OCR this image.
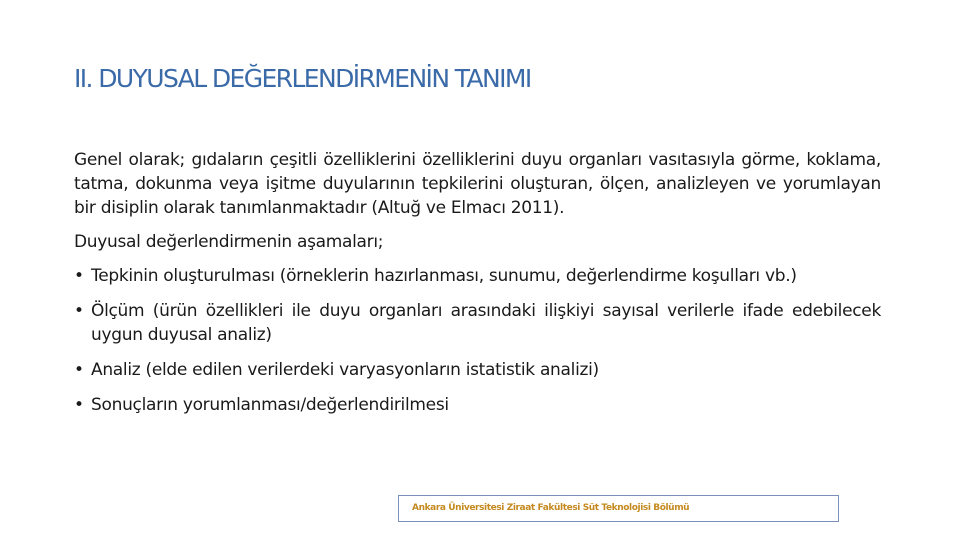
II. DUYUSAL DEĞERLENDİRMENİN TANIMI

Genel olarak; gıdaların çeşitli özelliklerini özelliklerini duyu organları vasıtasıyla görme, koklama, tatma, dokunma veya işitme duyularının tepkilerini oluşturan, ölçen, analizleyen ve yorumlayan bir disiplin olarak tanımlanmaktadır (Altuğ ve Elmacı 2011).

Duyusal değerlendirmenin aşamaları;

• Tepkinin oluşturulması (örneklerin hazırlanması, sunumu, değerlendirme koşulları vb.)
• Ölçüm (ürün özellikleri ile duyu organları arasındaki ilişkiyi sayısal verilerle ifade edebilecek uygun duyusal analiz)
• Analiz (elde edilen verilerdeki varyasyonların istatistik analizi)
• Sonuçların yorumlanması/değerlendirilmesi
Ankara Üniversitesi Ziraat Fakültesi Süt Teknolojisi Bölümü
